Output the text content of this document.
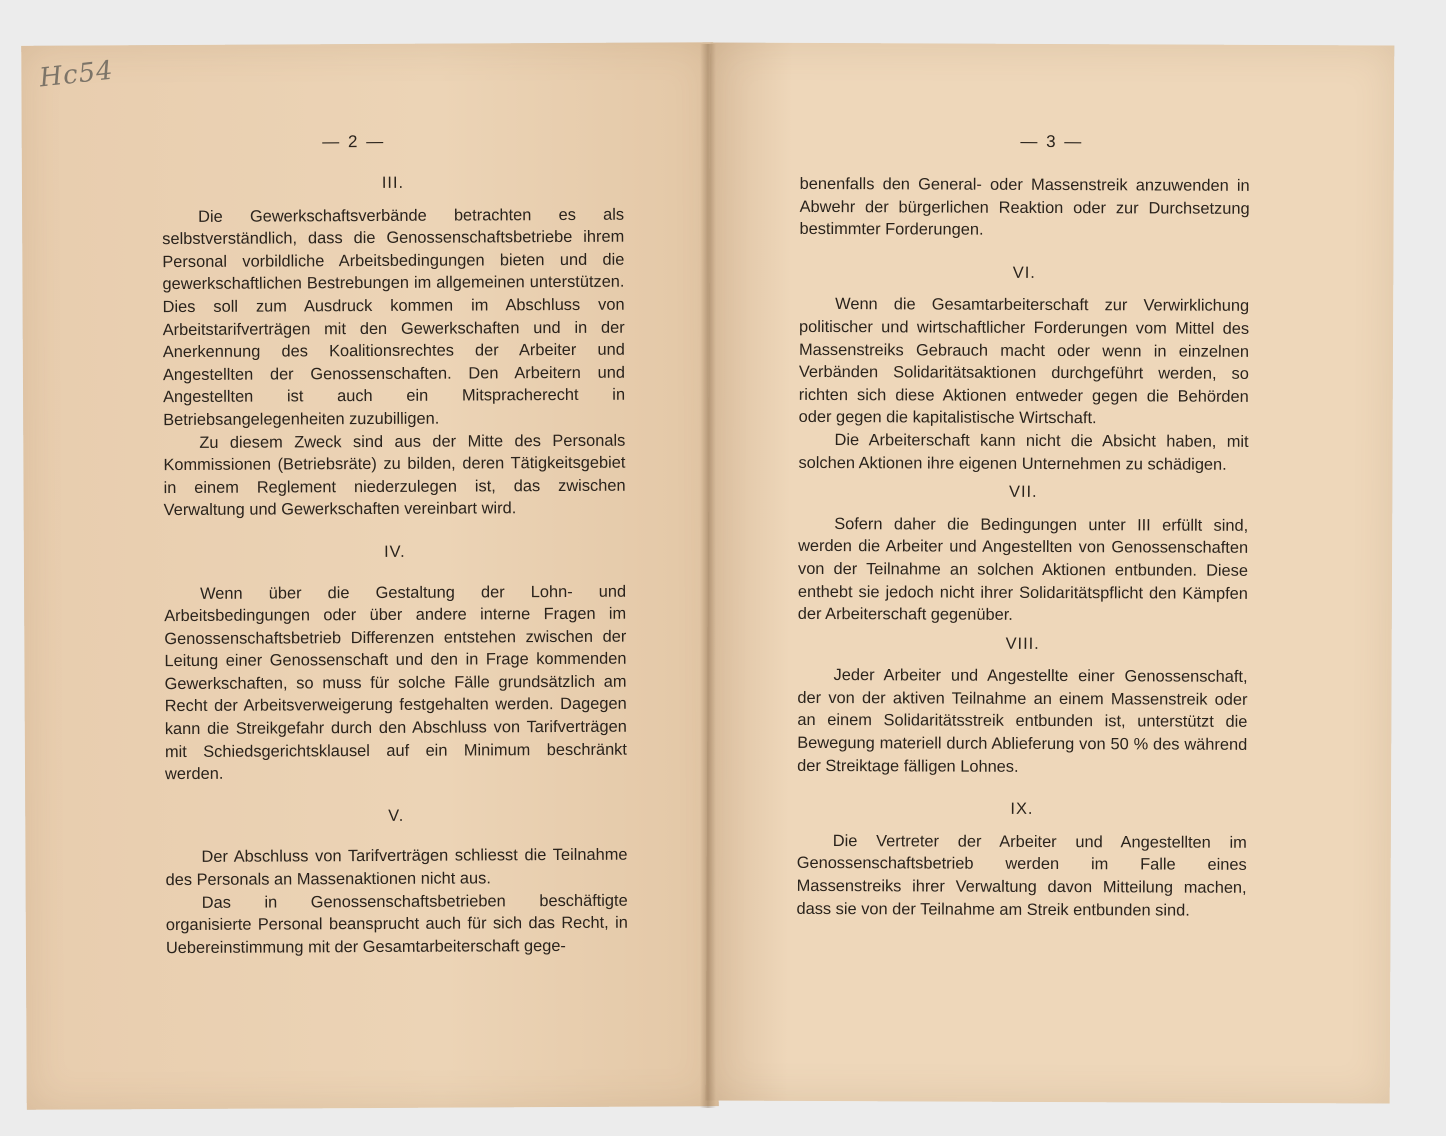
Hc54
— 2 —
III.

Die Gewerkschaftsverbände betrachten es als selbstverständlich, dass die Genossenschaftsbetriebe ihrem Personal vorbildliche Arbeitsbedingungen bieten und die gewerkschaftlichen Bestrebungen im allgemeinen unterstützen. Dies soll zum Ausdruck kommen im Abschluss von Arbeitstarifverträgen mit den Gewerkschaften und in der Anerkennung des Koalitionsrechtes der Arbeiter und Angestellten der Genossenschaften. Den Arbeitern und Angestellten ist auch ein Mitspracherecht in Betriebsangelegenheiten zuzubilligen.

Zu diesem Zweck sind aus der Mitte des Personals Kommissionen (Betriebsräte) zu bilden, deren Tätigkeitsgebiet in einem Reglement niederzulegen ist, das zwischen Verwaltung und Gewerkschaften vereinbart wird.

IV.

Wenn über die Gestaltung der Lohn- und Arbeitsbedingungen oder über andere interne Fragen im Genossenschaftsbetrieb Differenzen entstehen zwischen der Leitung einer Genossenschaft und den in Frage kommenden Gewerkschaften, so muss für solche Fälle grundsätzlich am Recht der Arbeitsverweigerung festgehalten werden. Dagegen kann die Streikgefahr durch den Abschluss von Tarifverträgen mit Schiedsgerichtsklausel auf ein Minimum beschränkt werden.

V.

Der Abschluss von Tarifverträgen schliesst die Teilnahme des Personals an Massenaktionen nicht aus.

Das in Genossenschaftsbetrieben beschäftigte organisierte Personal beansprucht auch für sich das Recht, in Uebereinstimmung mit der Gesamtarbeiterschaft gege-

— 3 —

benenfalls den General- oder Massenstreik anzuwenden in Abwehr der bürgerlichen Reaktion oder zur Durchsetzung bestimmter Forderungen.

VI.

Wenn die Gesamtarbeiterschaft zur Verwirklichung politischer und wirtschaftlicher Forderungen vom Mittel des Massenstreiks Gebrauch macht oder wenn in einzelnen Verbänden Solidaritätsaktionen durchgeführt werden, so richten sich diese Aktionen entweder gegen die Behörden oder gegen die kapitalistische Wirtschaft.

Die Arbeiterschaft kann nicht die Absicht haben, mit solchen Aktionen ihre eigenen Unternehmen zu schädigen.

VII.

Sofern daher die Bedingungen unter III erfüllt sind, werden die Arbeiter und Angestellten von Genossenschaften von der Teilnahme an solchen Aktionen entbunden. Diese enthebt sie jedoch nicht ihrer Solidaritätspflicht den Kämpfen der Arbeiterschaft gegenüber.

VIII.

Jeder Arbeiter und Angestellte einer Genossenschaft, der von der aktiven Teilnahme an einem Massenstreik oder an einem Solidaritätsstreik entbunden ist, unterstützt die Bewegung materiell durch Ablieferung von 50 % des während der Streiktage fälligen Lohnes.

IX.

Die Vertreter der Arbeiter und Angestellten im Genossenschaftsbetrieb werden im Falle eines Massenstreiks ihrer Verwaltung davon Mitteilung machen, dass sie von der Teilnahme am Streik entbunden sind.
